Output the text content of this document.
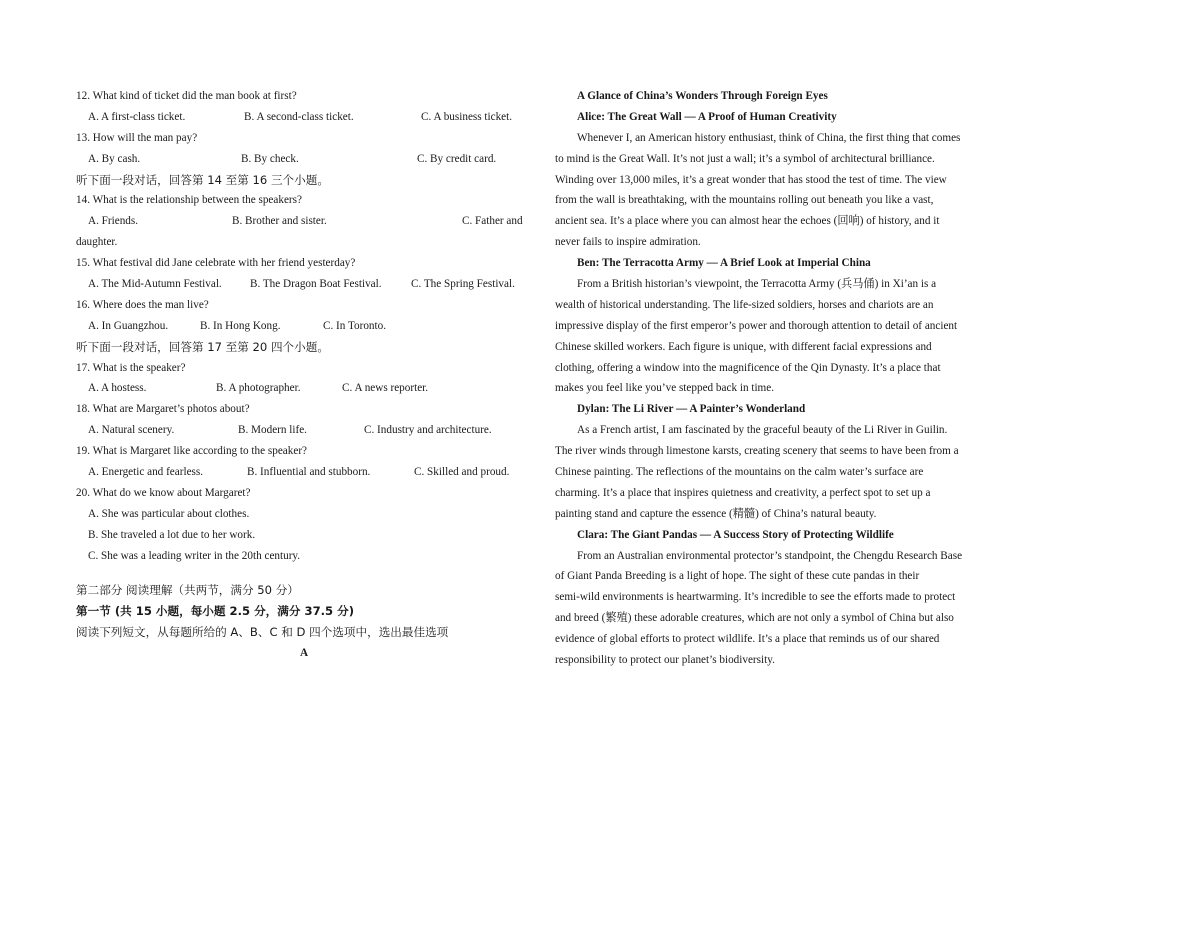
12. What kind of ticket did the man book at first?
A. A first-class ticket.	B. A second-class ticket.	C. A business ticket.
13. How will the man pay?
A. By cash.	B. By check.	C. By credit card.
听下面一段对话，回答第 14 至第 16 三个小题。
14. What is the relationship between the speakers?
A. Friends.	B. Brother and sister.	C. Father and
daughter.
15. What festival did Jane celebrate with her friend yesterday?
A. The Mid-Autumn Festival.	B. The Dragon Boat Festival.	C. The Spring Festival.
16. Where does the man live?
A. In Guangzhou.	B. In Hong Kong.	C. In Toronto.
听下面一段对话，回答第 17 至第 20 四个小题。
17. What is the speaker?
A. A hostess.	B. A photographer.	C. A news reporter.
18. What are Margaret’s photos about?
A. Natural scenery.	B. Modern life.	C. Industry and architecture.
19. What is Margaret like according to the speaker?
A. Energetic and fearless.	B. Influential and stubborn.	C. Skilled and proud.
20. What do we know about Margaret?
A. She was particular about clothes.
B. She traveled a lot due to her work.
C. She was a leading writer in the 20th century.
第二部分 阅读理解（共两节，满分 50 分）
第一节 (共 15 小题，每小题 2.5 分，满分 37.5 分)
阅读下列短文，从每题所给的 A、B、C 和 D 四个选项中，选出最佳选项
A
A Glance of China’s Wonders Through Foreign Eyes
Alice: The Great Wall — A Proof of Human Creativity
Whenever I, an American history enthusiast, think of China, the first thing that comes
to mind is the Great Wall. It’s not just a wall; it’s a symbol of architectural brilliance.
Winding over 13,000 miles, it’s a great wonder that has stood the test of time. The view
from the wall is breathtaking, with the mountains rolling out beneath you like a vast,
ancient sea. It’s a place where you can almost hear the echoes (回响) of history, and it
never fails to inspire admiration.
Ben: The Terracotta Army — A Brief Look at Imperial China
From a British historian’s viewpoint, the Terracotta Army (兵马俑) in Xi’an is a
wealth of historical understanding. The life-sized soldiers, horses and chariots are an
impressive display of the first emperor’s power and thorough attention to detail of ancient
Chinese skilled workers. Each figure is unique, with different facial expressions and
clothing, offering a window into the magnificence of the Qin Dynasty. It’s a place that
makes you feel like you’ve stepped back in time.
Dylan: The Li River — A Painter’s Wonderland
As a French artist, I am fascinated by the graceful beauty of the Li River in Guilin.
The river winds through limestone karsts, creating scenery that seems to have been from a
Chinese painting. The reflections of the mountains on the calm water’s surface are
charming. It’s a place that inspires quietness and creativity, a perfect spot to set up a
painting stand and capture the essence (精髓) of China’s natural beauty.
Clara: The Giant Pandas — A Success Story of Protecting Wildlife
From an Australian environmental protector’s standpoint, the Chengdu Research Base
of Giant Panda Breeding is a light of hope. The sight of these cute pandas in their
semi-wild environments is heartwarming. It’s incredible to see the efforts made to protect
and breed (繁殖) these adorable creatures, which are not only a symbol of China but also
evidence of global efforts to protect wildlife. It’s a place that reminds us of our shared
responsibility to protect our planet’s biodiversity.
